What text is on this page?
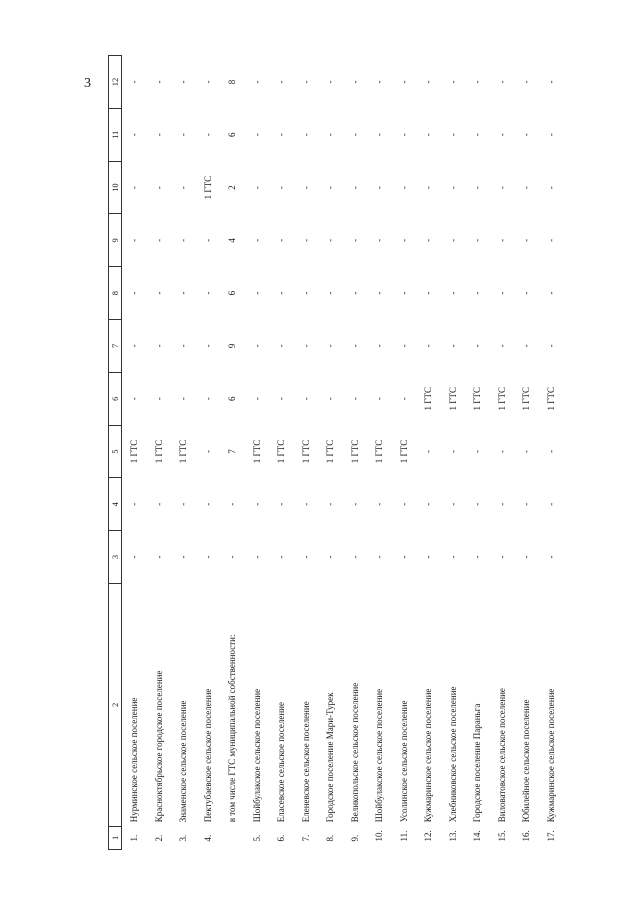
3
1	2	3	4	5	6	7	8	9	10	11	12
1.	Нурминское сельское поселение	-	-	1 ГТС	-	-	-	-	-	-	-
2.	Красноктябрьское городское поселение	-	-	1 ГТС	-	-	-	-	-	-	-
3.	Знаменское сельское поселение	-	-	1 ГТС	-	-	-	-	-	-	-
4.	Пектубаевское сельское поселение	-	-	-	-	-	-	-	1 ГТС	-	-
	в том числе ГТС муниципальной собственности:	-	-	7	6	9	6	4	2	6	8
5.	Шойбулакское сельское поселение	-	-	1 ГТС	-	-	-	-	-	-	-
6.	Еласевское сельское поселение	-	-	1 ГТС	-	-	-	-	-	-	-
7.	Еленевское сельское поселение	-	-	1 ГТС	-	-	-	-	-	-	-
8.	Городское поселение Мари-Турек	-	-	1 ГТС	-	-	-	-	-	-	-
9.	Великопольское сельское поселение	-	-	1 ГТС	-	-	-	-	-	-	-
10.	Шойбулакское сельское поселение	-	-	1 ГТС	-	-	-	-	-	-	-
11.	Усолинское сельское поселение	-	-	1 ГТС	-	-	-	-	-	-	-
12.	Кужмаринское сельское поселение	-	-	-	1 ГТС	-	-	-	-	-	-
13.	Хлебниковское сельское поселение	-	-	-	1 ГТС	-	-	-	-	-	-
14.	Городское поселение Параньга	-	-	-	1 ГТС	-	-	-	-	-	-
15.	Виловатовское сельское поселение	-	-	-	1 ГТС	-	-	-	-	-	-
16.	Юбилейное сельское поселение	-	-	-	1 ГТС	-	-	-	-	-	-
17.	Кужмаринское сельское поселение	-	-	-	1 ГТС	-	-	-	-	-	-
